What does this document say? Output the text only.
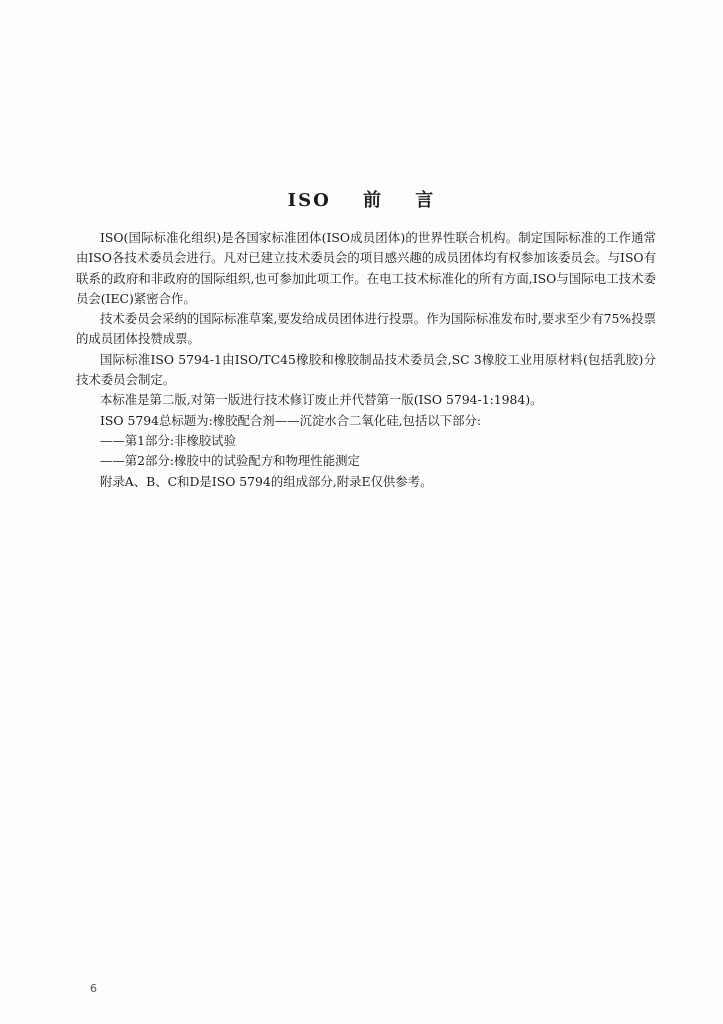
ISO 前 言

ISO(国际标准化组织)是各国家标准团体(ISO成员团体)的世界性联合机构。制定国际标准的工作通常由ISO各技术委员会进行。凡对已建立技术委员会的项目感兴趣的成员团体均有权参加该委员会。与ISO有联系的政府和非政府的国际组织,也可参加此项工作。在电工技术标准化的所有方面,ISO与国际电工技术委员会(IEC)紧密合作。

技术委员会采纳的国际标准草案,要发给成员团体进行投票。作为国际标准发布时,要求至少有75%投票的成员团体投赞成票。

国际标准ISO 5794-1由ISO/TC45橡胶和橡胶制品技术委员会,SC 3橡胶工业用原材料(包括乳胶)分技术委员会制定。

本标准是第二版,对第一版进行技术修订废止并代替第一版(ISO 5794-1:1984)。

ISO 5794总标题为:橡胶配合剂——沉淀水合二氧化硅,包括以下部分:

——第1部分:非橡胶试验

——第2部分:橡胶中的试验配方和物理性能测定

附录A、B、C和D是ISO 5794的组成部分,附录E仅供参考。

6
